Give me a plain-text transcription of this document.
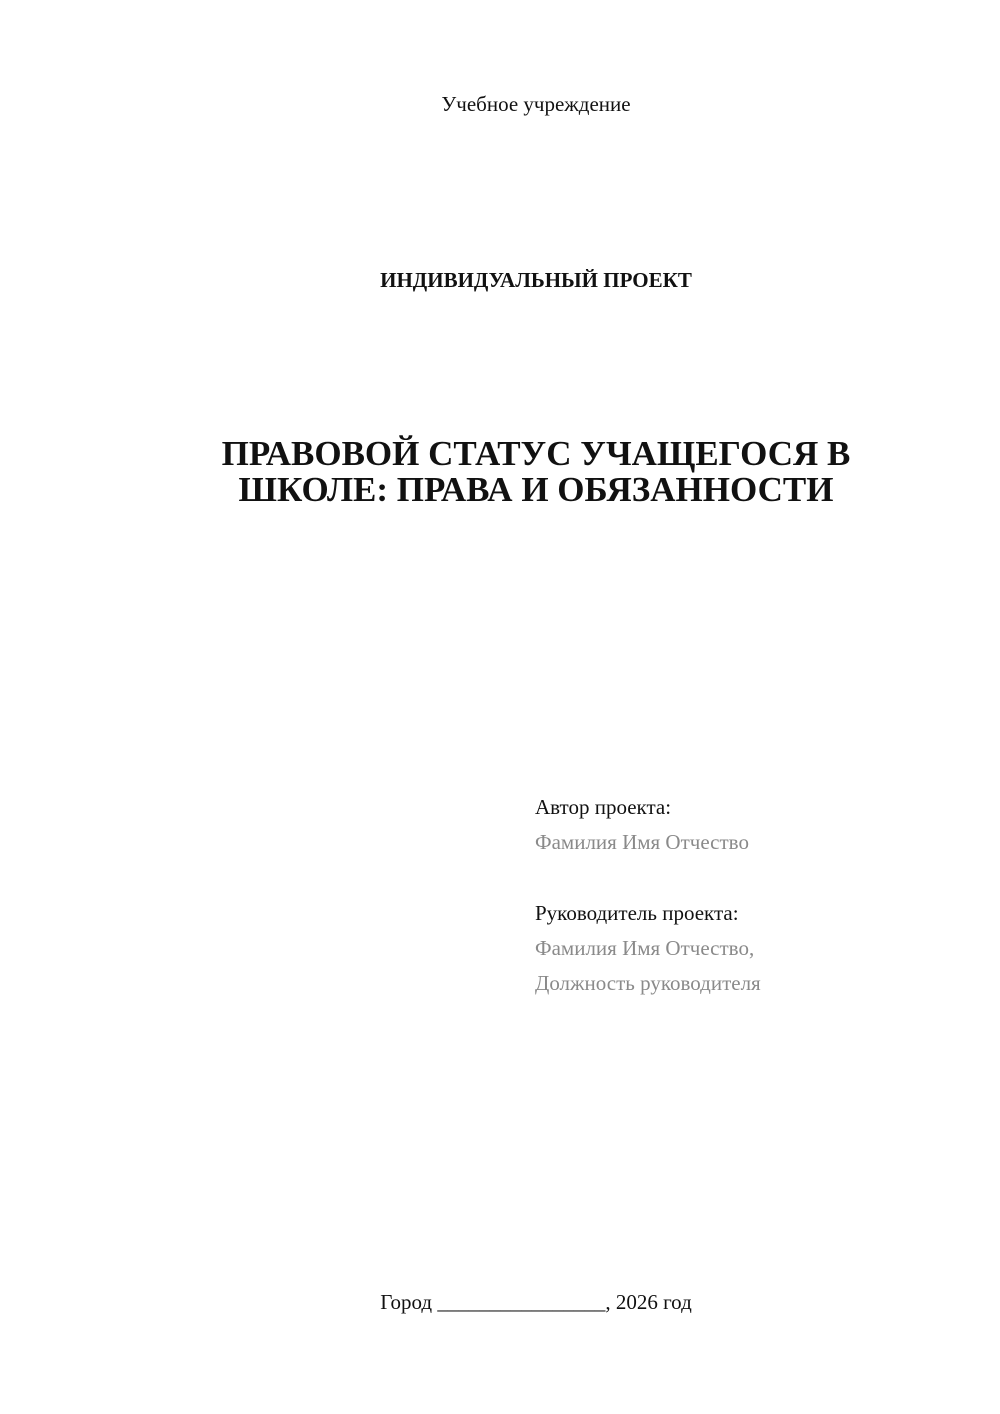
Учебное учреждение
ИНДИВИДУАЛЬНЫЙ ПРОЕКТ
ПРАВОВОЙ СТАТУС УЧАЩЕГОСЯ В
ШКОЛЕ: ПРАВА И ОБЯЗАННОСТИ
Автор проекта:
Фамилия Имя Отчество
Руководитель проекта:
Фамилия Имя Отчество,
Должность руководителя
Город ________________, 2026 год
